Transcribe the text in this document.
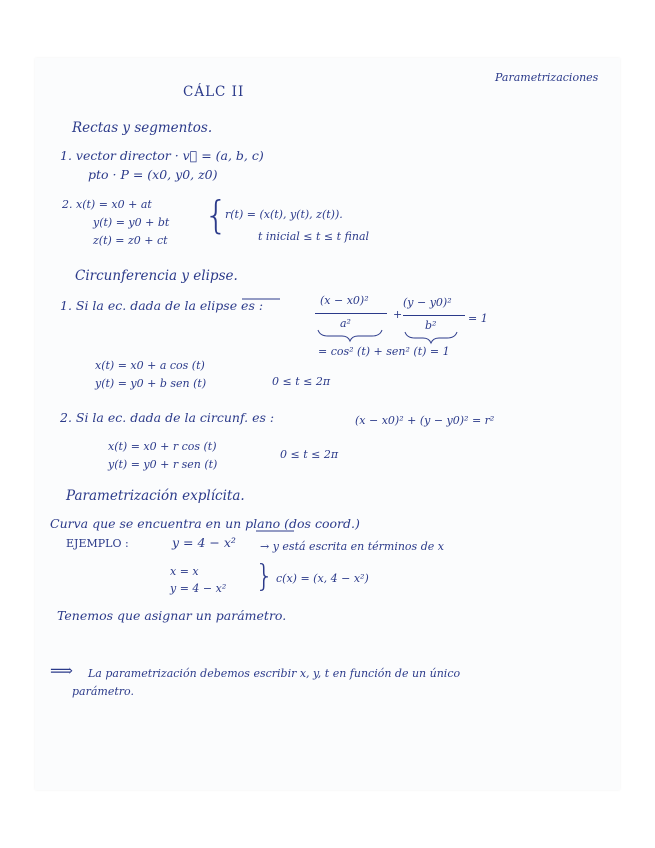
CÁLC II
Parametrizaciones
Rectas y segmentos.
1. vector director · v⃗ = (a, b, c)
pto · P = (x0, y0, z0)
2. x(t) = x0 + at
y(t) = y0 + bt
z(t) = z0 + ct
{
r(t) = (x(t), y(t), z(t)).
t inicial ≤ t ≤ t final
Circunferencia y elipse.
1. Si la ec. dada de la elipse es :	(x − x0)²
a²
+
(y − y0)²
b²
= 1
= cos² (t) + sen² (t) = 1
x(t) = x0 + a cos (t)
y(t) = y0 + b sen (t)	0 ≤ t ≤ 2π
2. Si la ec. dada de la circunf. es :	(x − x0)² + (y − y0)² = r²
x(t) = x0 + r cos (t)
y(t) = y0 + r sen (t)
0 ≤ t ≤ 2π
Parametrización explícita.
Curva que se encuentra en un plano (dos coord.)
EJEMPLO :	y = 4 − x² → y está escrita en términos de x
x = x
y = 4 − x² } c(x) = (x, 4 − x²)
Tenemos que asignar un parámetro.
⟹ La parametrización debemos escribir x, y, t en función de un único
parámetro.
